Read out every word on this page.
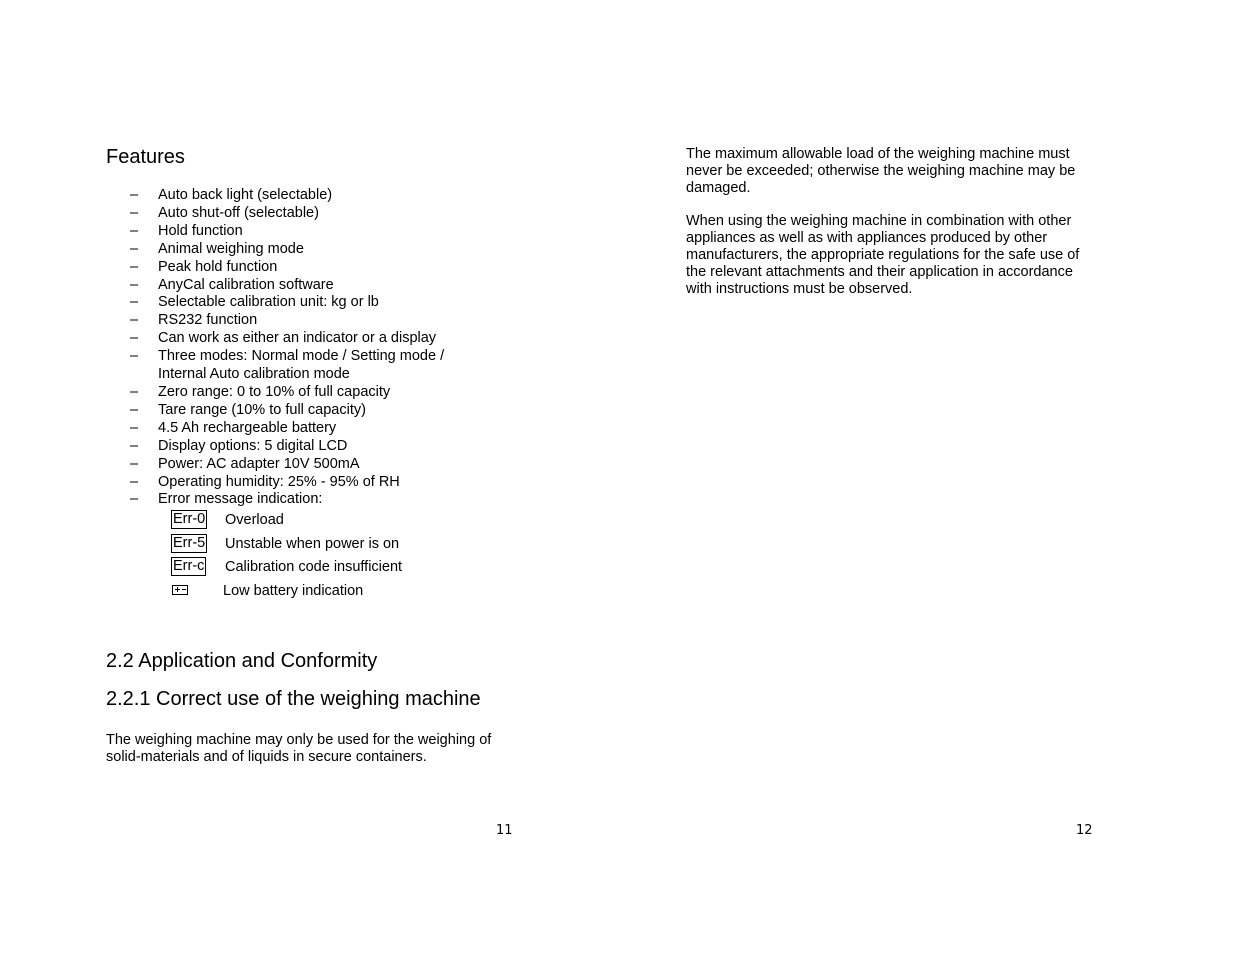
Features
– Auto back light (selectable)
– Auto shut-off (selectable)
– Hold function
– Animal weighing mode
– Peak hold function
– AnyCal calibration software
– Selectable calibration unit: kg or lb
– RS232 function
– Can work as either an indicator or a display
– Three modes: Normal mode / Setting mode / Internal Auto calibration mode
– Zero range: 0 to 10% of full capacity
– Tare range (10% to full capacity)
– 4.5 Ah rechargeable battery
– Display options: 5 digital LCD
– Power: AC adapter 10V 500mA
– Operating humidity: 25% - 95% of RH
– Error message indication:
Err-0 Overload
Err-5 Unstable when power is on
Err-c Calibration code insufficient
Low battery indication
2.2 Application and Conformity
2.2.1 Correct use of the weighing machine

The weighing machine may only be used for the weighing of solid-materials and of liquids in secure containers.

11

The maximum allowable load of the weighing machine must never be exceeded; otherwise the weighing machine may be damaged.

When using the weighing machine in combination with other appliances as well as with appliances produced by other manufacturers, the appropriate regulations for the safe use of the relevant attachments and their application in accordance with instructions must be observed.

12
